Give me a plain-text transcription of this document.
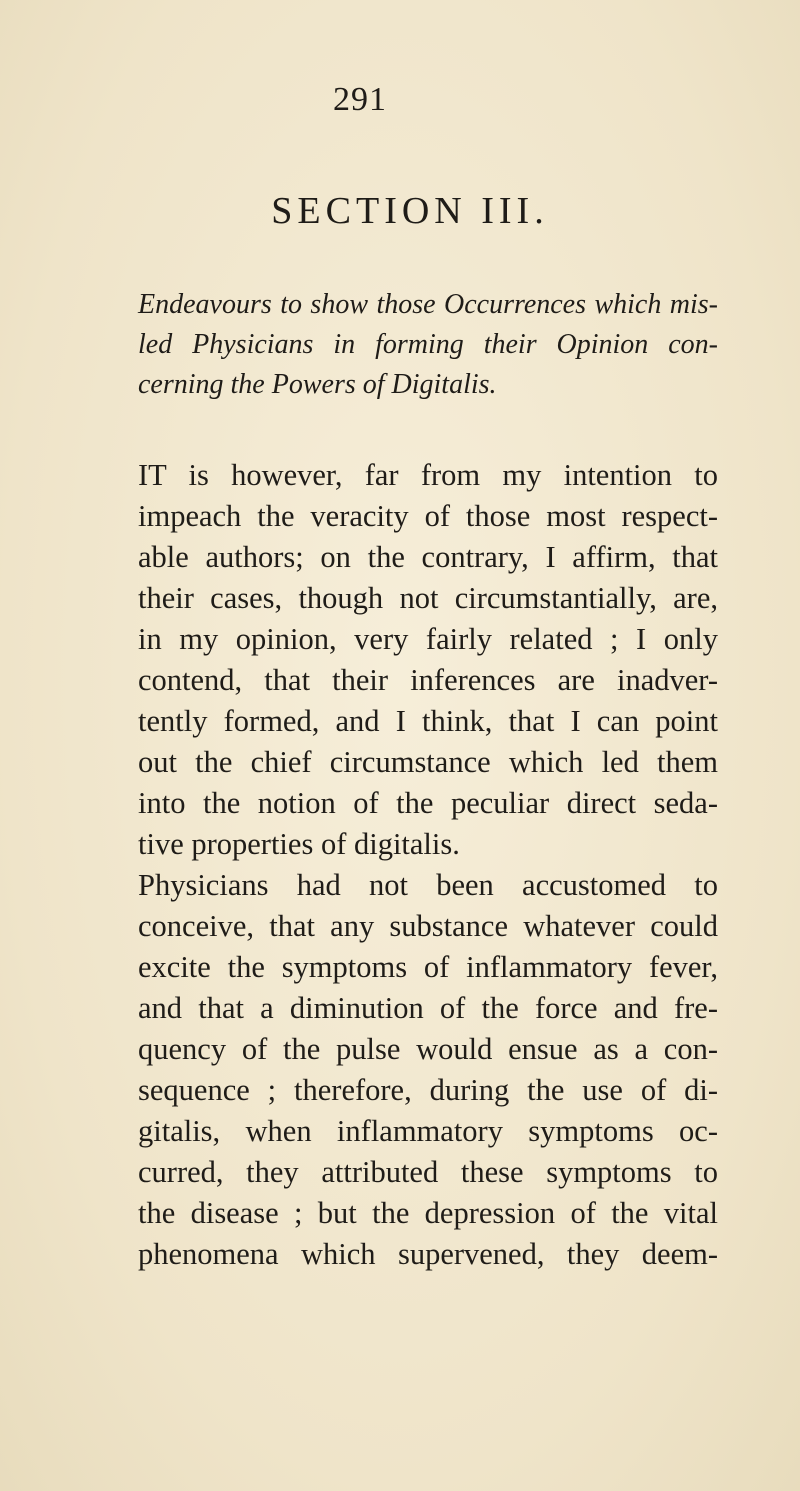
291
SECTION III.
Endeavours to show those Occurrences which mis-
led Physicians in forming their Opinion con-
cerning the Powers of Digitalis.
IT is however, far from my intention to
impeach the veracity of those most respect-
able authors; on the contrary, I affirm, that
their cases, though not circumstantially, are,
in my opinion, very fairly related ; I only
contend, that their inferences are inadver-
tently formed, and I think, that I can point
out the chief circumstance which led them
into the notion of the peculiar direct seda-
tive properties of digitalis.
Physicians had not been accustomed to
conceive, that any substance whatever could
excite the symptoms of inflammatory fever,
and that a diminution of the force and fre-
quency of the pulse would ensue as a con-
sequence ; therefore, during the use of di-
gitalis, when inflammatory symptoms oc-
curred, they attributed these symptoms to
the disease ; but the depression of the vital
phenomena which supervened, they deem-
